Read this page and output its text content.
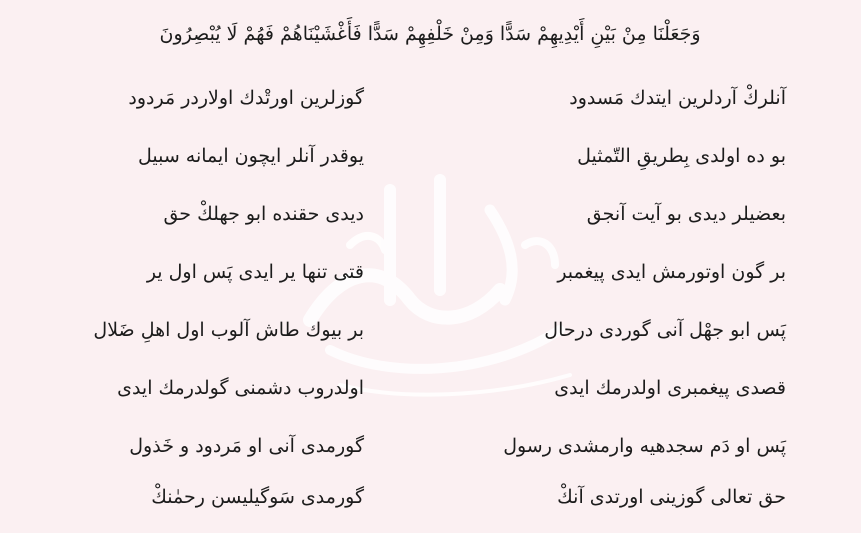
وَجَعَلْنَا مِنْ بَيْنِ أَيْدِيهِمْ سَدًّا وَمِنْ خَلْفِهِمْ سَدًّا فَأَغْشَيْنَاهُمْ فَهُمْ لَا يُبْصِرُونَ
آنلركْ آردلرین ایتدك مَسدود
گوزلرین اورتْدك اولاردر مَردود
بو ده اولدی بِطریقِ التّمثیل
یوقدر آنلر ایچون ایمانه سبیل
بعضیلر دیدی بو آیت آنجق
دیدی حقنده ابو جهلكْ حق
بر گون اوتورمش ایدی پیغمبر
قتی تنها یر ایدی پَس اول یر
پَس ابو جهْل آنی گوردی درحال
بر بیوك طاش آلوب اول اهلِ ضَلال
قصدی پیغمبری اولدرمك ایدی
اولدروب دشمنی گولدرمك ایدی
پَس او دَم سجدهیه وارمشدی رسول
گورمدی آنی او مَردود و خَذول
حق تعالی گوزینی اورتدی آنكْ
گورمدی سَوگیلیسن رحمٰنكْ
